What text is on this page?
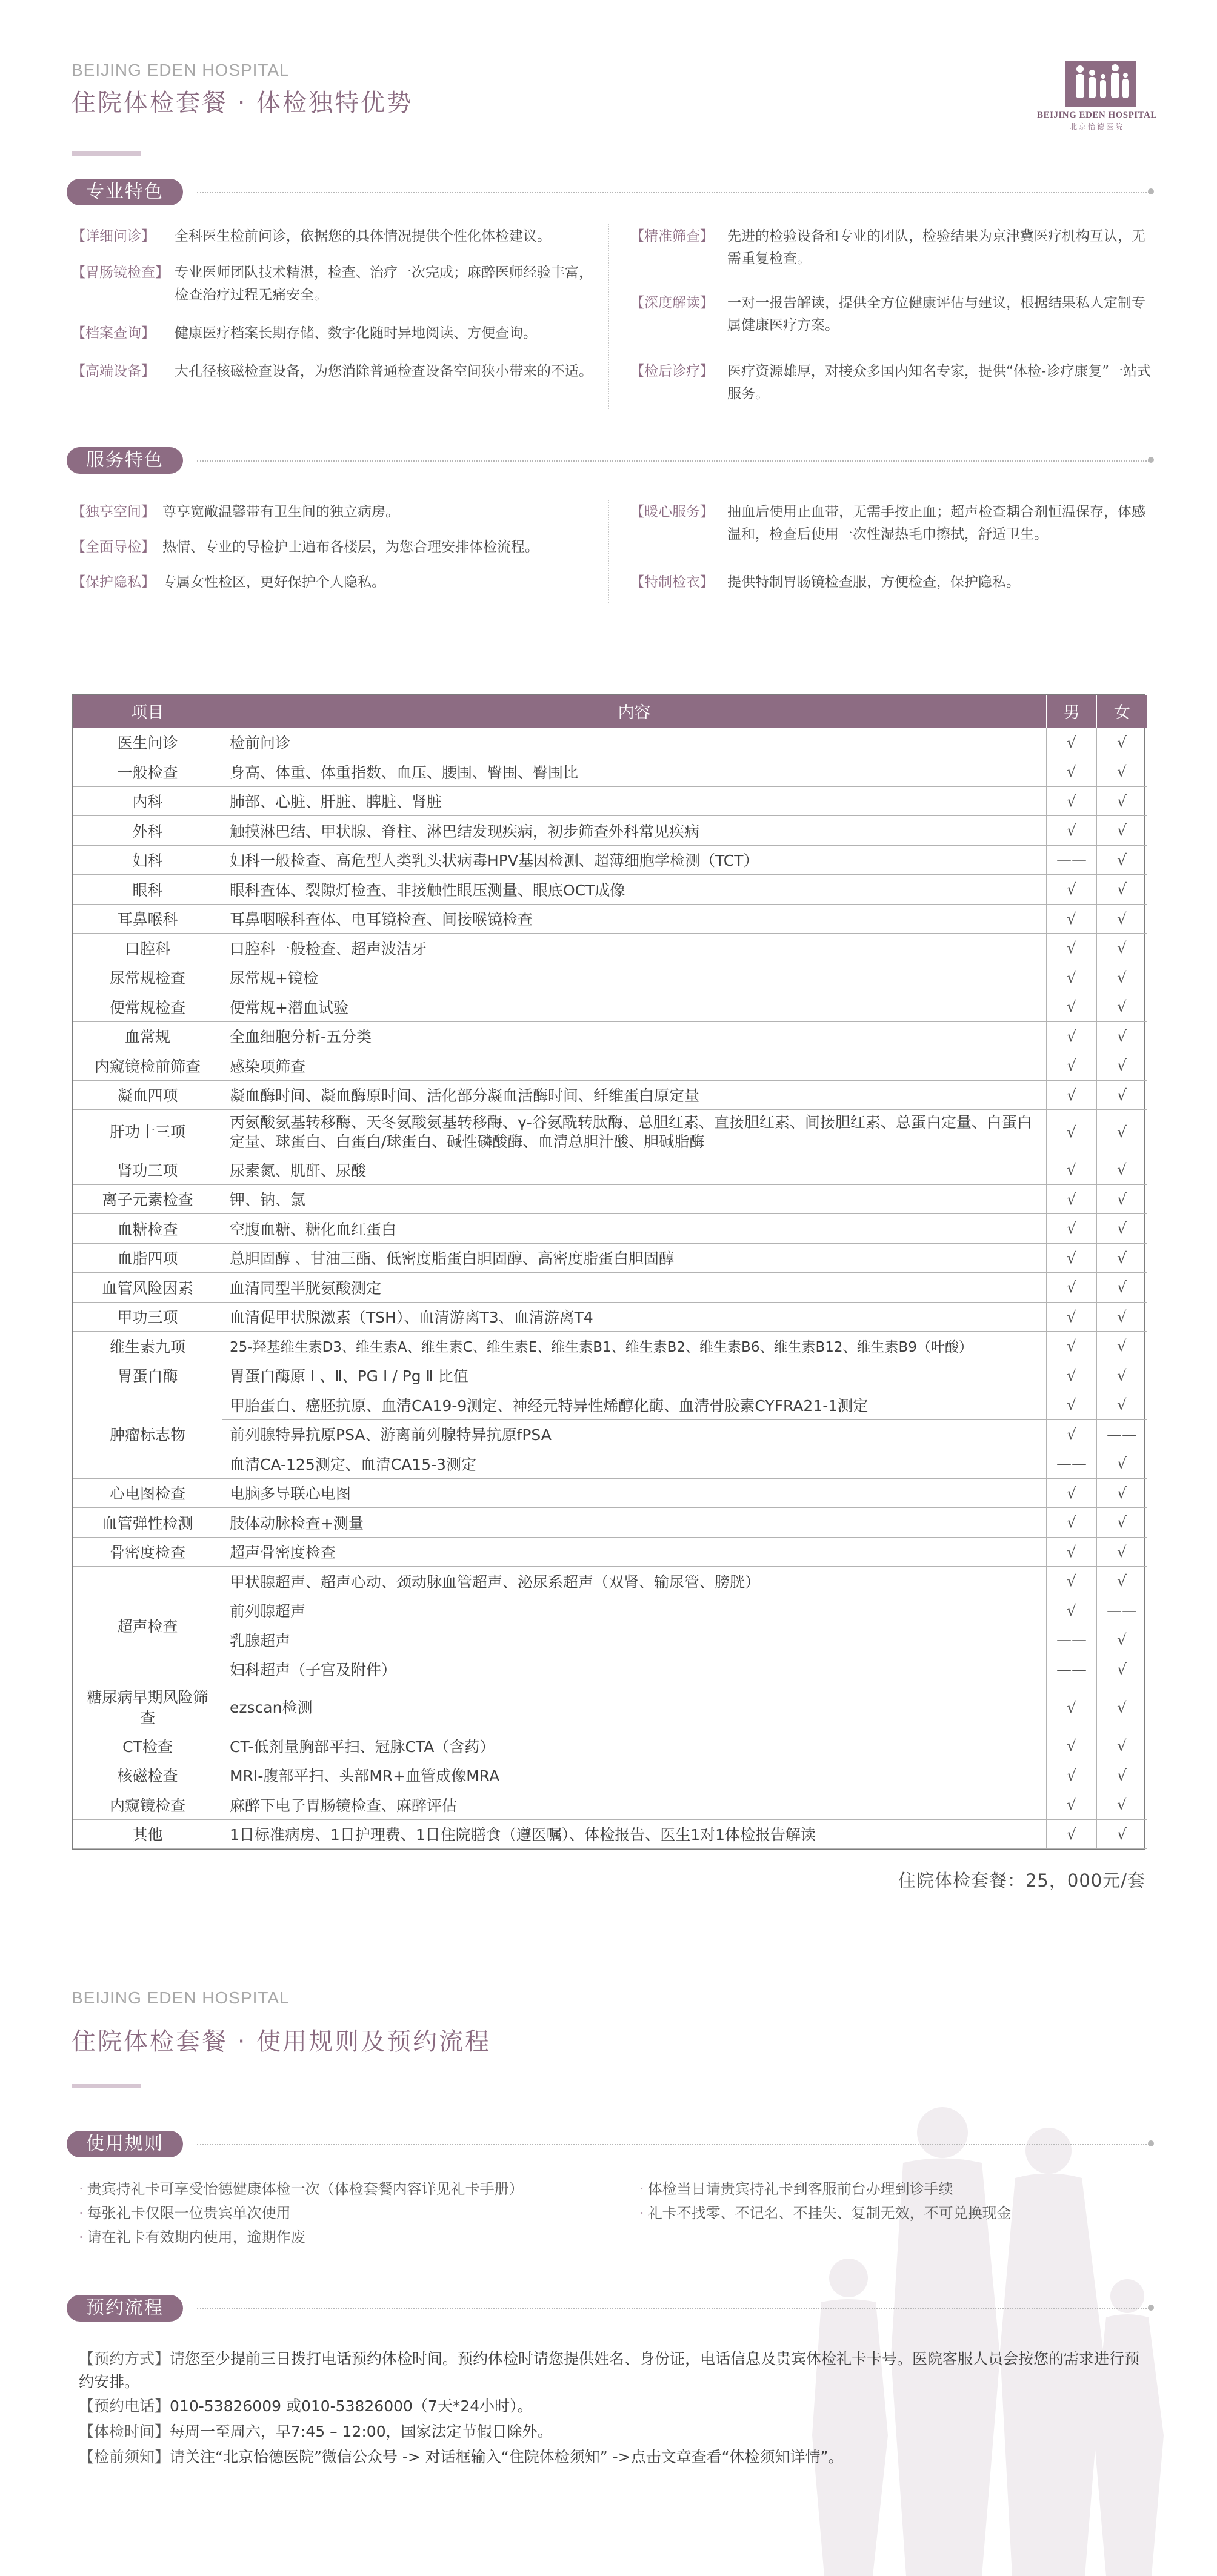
BEIJING EDEN HOSPITAL
住院体检套餐 · 体检独特优势	BEIJING EDEN HOSPITAL
北京怡德医院
专业特色
【详细问诊】 全科医生检前问诊，依据您的具体情况提供个性化体检建议。
【胃肠镜检查】 专业医师团队技术精湛，检查、治疗一次完成；麻醉医师经验丰富，检查治疗过程无痛安全。
【档案查询】 健康医疗档案长期存储、数字化随时异地阅读、方便查询。
【高端设备】 大孔径核磁检查设备，为您消除普通检查设备空间狭小带来的不适。
【精准筛查】 先进的检验设备和专业的团队，检验结果为京津冀医疗机构互认，无需重复检查。
【深度解读】 一对一报告解读，提供全方位健康评估与建议，根据结果私人定制专属健康医疗方案。
【检后诊疗】 医疗资源雄厚，对接众多国内知名专家，提供“体检-诊疗康复”一站式服务。
服务特色
【独享空间】 尊享宽敞温馨带有卫生间的独立病房。
【全面导检】 热情、专业的导检护士遍布各楼层，为您合理安排体检流程。
【保护隐私】 专属女性检区，更好保护个人隐私。
【暖心服务】 抽血后使用止血带，无需手按止血；超声检查耦合剂恒温保存，体感温和，检查后使用一次性湿热毛巾擦拭，舒适卫生。
【特制检衣】 提供特制胃肠镜检查服，方便检查，保护隐私。
项目	内容	男	女
医生问诊	检前问诊	√	√
一般检查	身高、体重、体重指数、血压、腰围、臀围、臀围比	√	√
内科	肺部、心脏、肝脏、脾脏、肾脏	√	√
外科	触摸淋巴结、甲状腺、脊柱、淋巴结发现疾病，初步筛查外科常见疾病	√	√
妇科	妇科一般检查、高危型人类乳头状病毒HPV基因检测、超薄细胞学检测（TCT）	——	√
眼科	眼科查体、裂隙灯检查、非接触性眼压测量、眼底OCT成像	√	√
耳鼻喉科	耳鼻咽喉科查体、电耳镜检查、间接喉镜检查	√	√
口腔科	口腔科一般检查、超声波洁牙	√	√
尿常规检查	尿常规+镜检	√	√
便常规检查	便常规+潜血试验	√	√
血常规	全血细胞分析-五分类	√	√
内窥镜检前筛查	感染项筛查	√	√
凝血四项	凝血酶时间、凝血酶原时间、活化部分凝血活酶时间、纤维蛋白原定量	√	√
肝功十三项	丙氨酸氨基转移酶、天冬氨酸氨基转移酶、γ-谷氨酰转肽酶、总胆红素、直接胆红素、间接胆红素、总蛋白定量、白蛋白定量、球蛋白、白蛋白/球蛋白、碱性磷酸酶、血清总胆汁酸、胆碱脂酶	√	√
肾功三项	尿素氮、肌酐、尿酸	√	√
离子元素检查	钾、钠、氯	√	√
血糖检查	空腹血糖、糖化血红蛋白	√	√
血脂四项	总胆固醇 、甘油三酯、低密度脂蛋白胆固醇、高密度脂蛋白胆固醇	√	√
血管风险因素	血清同型半胱氨酸测定	√	√
甲功三项	血清促甲状腺激素（TSH）、血清游离T3、血清游离T4	√	√
维生素九项	25-羟基维生素D3、维生素A、维生素C、维生素E、维生素B1、维生素B2、维生素B6、维生素B12、维生素B9（叶酸）	√	√
胃蛋白酶	胃蛋白酶原 Ⅰ 、Ⅱ、PG Ⅰ / Pg Ⅱ 比值	√	√
肿瘤标志物	甲胎蛋白、癌胚抗原、血清CA19-9测定、神经元特异性烯醇化酶、血清骨胶素CYFRA21-1测定	√	√
	前列腺特异抗原PSA、游离前列腺特异抗原fPSA	√	——
	血清CA-125测定、血清CA15-3测定	——	√
心电图检查	电脑多导联心电图	√	√
血管弹性检测	肢体动脉检查+测量	√	√
骨密度检查	超声骨密度检查	√	√
超声检查	甲状腺超声、超声心动、颈动脉血管超声、泌尿系超声（双肾、输尿管、膀胱）	√	√
	前列腺超声	√	——
	乳腺超声	——	√
	妇科超声（子宫及附件）	——	√
糖尿病早期风险筛查	ezscan检测	√	√
CT检查	CT-低剂量胸部平扫、冠脉CTA（含药）	√	√
核磁检查	MRI-腹部平扫、头部MR+血管成像MRA	√	√
内窥镜检查	麻醉下电子胃肠镜检查、麻醉评估	√	√
其他	1日标准病房、1日护理费、1日住院膳食（遵医嘱）、体检报告、医生1对1体检报告解读	√	√
住院体检套餐：25，000元/套
BEIJING EDEN HOSPITAL
住院体检套餐 · 使用规则及预约流程
使用规则
· 贵宾持礼卡可享受怡德健康体检一次（体检套餐内容详见礼卡手册）
· 每张礼卡仅限一位贵宾单次使用
· 请在礼卡有效期内使用，逾期作废
· 体检当日请贵宾持礼卡到客服前台办理到诊手续
· 礼卡不找零、不记名、不挂失、复制无效，不可兑换现金
预约流程
【预约方式】请您至少提前三日拨打电话预约体检时间。预约体检时请您提供姓名、身份证，电话信息及贵宾体检礼卡卡号。医院客服人员会按您的需求进行预约安排。
【预约电话】010-53826009 或010-53826000（7天*24小时）。
【体检时间】每周一至周六，早7:45 – 12:00，国家法定节假日除外。
【检前须知】请关注“北京怡德医院”微信公众号 -> 对话框输入“住院体检须知” ->点击文章查看“体检须知详情”。
